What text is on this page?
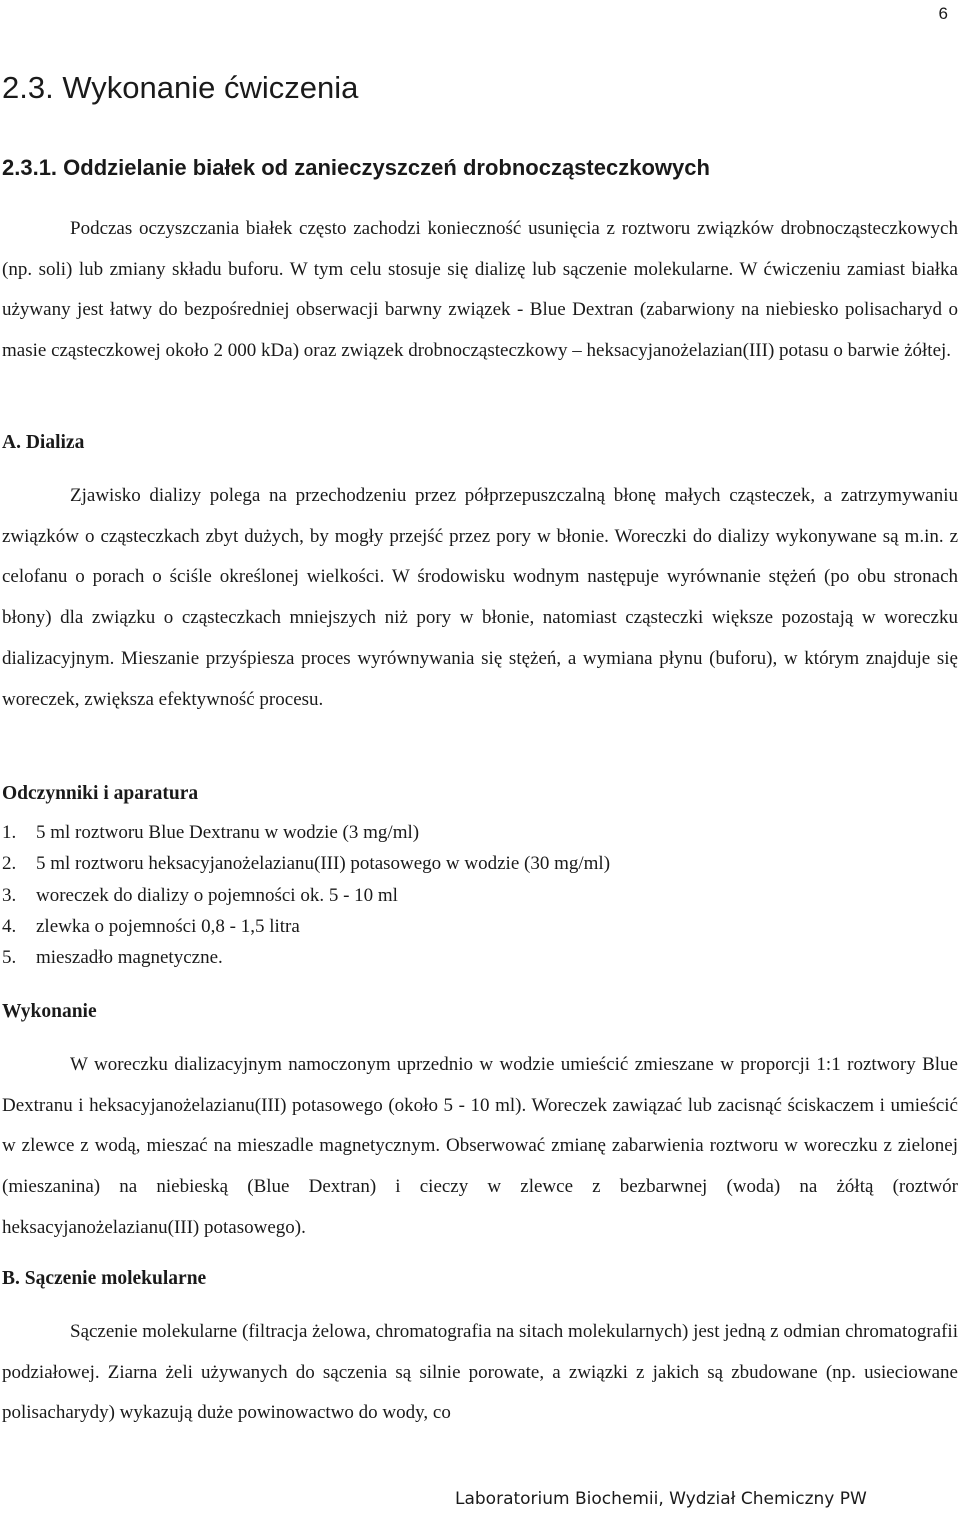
6
2.3. Wykonanie ćwiczenia
2.3.1. Oddzielanie białek od zanieczyszczeń drobnocząsteczkowych

Podczas oczyszczania białek często zachodzi konieczność usunięcia z roztworu związków drobnocząsteczkowych (np. soli) lub zmiany składu buforu. W tym celu stosuje się dializę lub sączenie molekularne. W ćwiczeniu zamiast białka używany jest łatwy do bezpośredniej obserwacji barwny związek - Blue Dextran (zabarwiony na niebiesko polisacharyd o masie cząsteczkowej około 2 000 kDa) oraz związek drobnocząsteczkowy – heksacyjanożelazian(III) potasu o barwie żółtej.

A. Dializa

Zjawisko dializy polega na przechodzeniu przez półprzepuszczalną błonę małych cząsteczek, a zatrzymywaniu związków o cząsteczkach zbyt dużych, by mogły przejść przez pory w błonie. Woreczki do dializy wykonywane są m.in. z celofanu o porach o ściśle określonej wielkości. W środowisku wodnym następuje wyrównanie stężeń (po obu stronach błony) dla związku o cząsteczkach mniejszych niż pory w błonie, natomiast cząsteczki większe pozostają w woreczku dializacyjnym. Mieszanie przyśpiesza proces wyrównywania się stężeń, a wymiana płynu (buforu), w którym znajduje się woreczek, zwiększa efektywność procesu.

Odczynniki i aparatura
1. 5 ml roztworu Blue Dextranu w wodzie (3 mg/ml)
2. 5 ml roztworu heksacyjanożelazianu(III) potasowego w wodzie (30 mg/ml)
3. woreczek do dializy o pojemności ok. 5 - 10 ml
4. zlewka o pojemności 0,8 - 1,5 litra
5. mieszadło magnetyczne.
Wykonanie

W woreczku dializacyjnym namoczonym uprzednio w wodzie umieścić zmieszane w proporcji 1:1 roztwory Blue Dextranu i heksacyjanożelazianu(III) potasowego (około 5 - 10 ml). Woreczek zawiązać lub zacisnąć ściskaczem i umieścić w zlewce z wodą, mieszać na mieszadle magnetycznym. Obserwować zmianę zabarwienia roztworu w woreczku z zielonej (mieszanina) na niebieską (Blue Dextran) i cieczy w zlewce z bezbarwnej (woda) na żółtą (roztwór heksacyjanożelazianu(III) potasowego).

B. Sączenie molekularne

Sączenie molekularne (filtracja żelowa, chromatografia na sitach molekularnych) jest jedną z odmian chromatografii podziałowej. Ziarna żeli używanych do sączenia są silnie porowate, a związki z jakich są zbudowane (np. usieciowane polisacharydy) wykazują duże powinowactwo do wody, co

Laboratorium Biochemii, Wydział Chemiczny PW
